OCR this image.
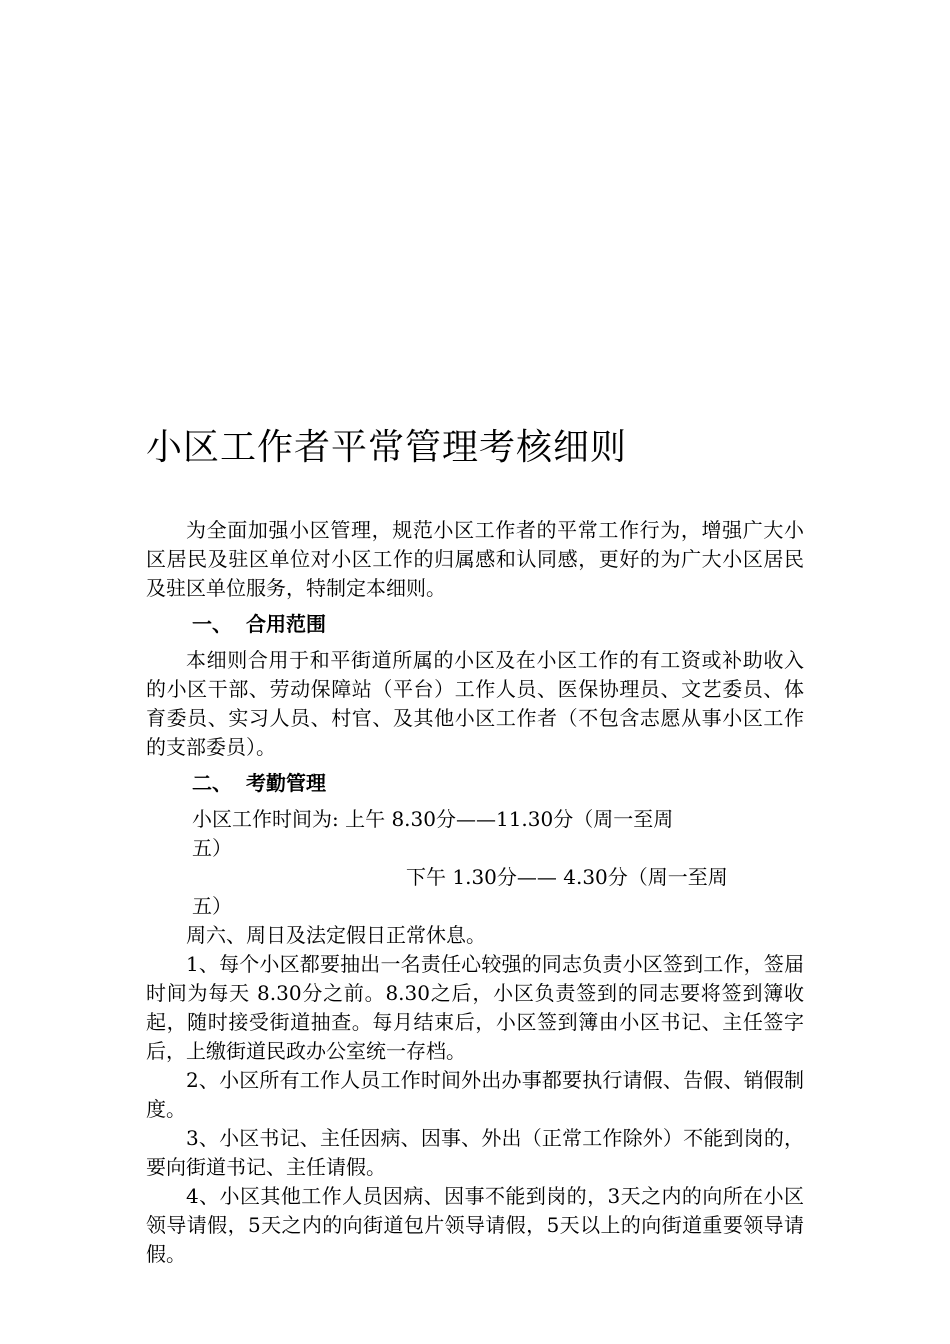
小区工作者平常管理考核细则

为全面加强小区管理，规范小区工作者的平常工作行为，增强广大小区居民及驻区单位对小区工作的归属感和认同感，更好的为广大小区居民及驻区单位服务，特制定本细则。

一、 合用范围

本细则合用于和平街道所属的小区及在小区工作的有工资或补助收入的小区干部、劳动保障站（平台）工作人员、医保协理员、文艺委员、体育委员、实习人员、村官、及其他小区工作者（不包含志愿从事小区工作的支部委员）。

二、 考勤管理
小区工作时间为: 上午 8.30分——11.30分（周一至周
五）
下午 1.30分—— 4.30分（周一至周
五）

周六、周日及法定假日正常休息。

1、每个小区都要抽出一名责任心较强的同志负责小区签到工作，签届时间为每天 8.30分之前。8.30之后，小区负责签到的同志要将签到簿收起，随时接受街道抽查。每月结束后，小区签到簿由小区书记、主任签字后，上缴街道民政办公室统一存档。

2、小区所有工作人员工作时间外出办事都要执行请假、告假、销假制度。

3、小区书记、主任因病、因事、外出（正常工作除外）不能到岗的，要向街道书记、主任请假。

4、小区其他工作人员因病、因事不能到岗的，3天之内的向所在小区领导请假，5天之内的向街道包片领导请假，5天以上的向街道重要领导请假。
